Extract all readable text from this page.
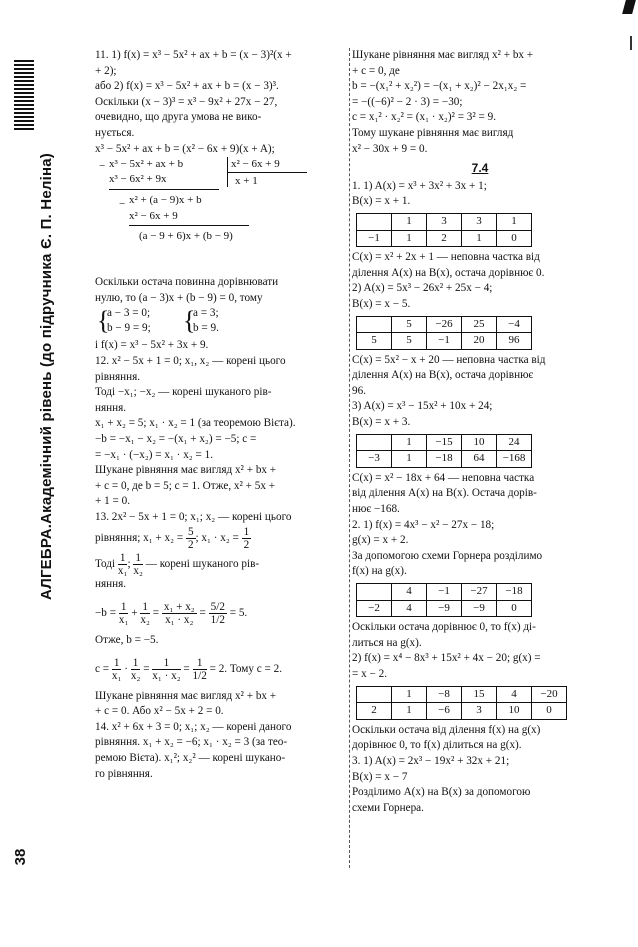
АЛГЕБРА.Академічний рівень (до підручника Є. П. Неліна)
38
11. 1) f(x) = x³ − 5x² + ax + b = (x − 3)²(x +
+ 2);
або 2) f(x) = x³ − 5x² + ax + b = (x − 3)³.
Оскільки (x − 3)³ = x³ − 9x² + 27x − 27,
очевидно, що друга умова не вико-
нується.
x³ − 5x² + ax + b = (x² − 6x + 9)(x + A);
− x³ − 5x² + ax + b
x³ − 6x² + 9x
− x² + (a − 9)x + b
x² − 6x + 9
(a − 9 + 6)x + (b − 9)
x² − 6x + 9
x + 1
Оскільки остача повинна дорівнювати
нулю, то (a − 3)x + (b − 9) = 0, тому
{
a − 3 = 0;
b − 9 = 9; {
a = 3;
b = 9.
і f(x) = x³ − 5x² + 3x + 9.
12. x² − 5x + 1 = 0; x₁, x₂ — корені цього
рівняння.
Тоді −x₁; −x₂ — корені шуканого рів-
няння.
x₁ + x₂ = 5; x₁ · x₂ = 1 (за теоремою Вієта).
−b = −x₁ − x₂ = −(x₁ + x₂) = −5; c =
= −x₁ · (−x₂) = x₁ · x₂ = 1.
Шукане рівняння має вигляд x² + bx +
+ c = 0, де b = 5; c = 1. Отже, x² + 5x +
+ 1 = 0.
13. 2x² − 5x + 1 = 0; x₁; x₂ — корені цього
рівняння; $x_1 + x_2 = \frac{5}{2}$ ; $x_1 \cdot x_2 = \frac{1}{2}$
Тоді $\frac{1}{\text{x₁}}$ ; $\frac{1}{\text{x₂}}$ — корені шуканого рів-
няння.
$-b = \frac{1}{\text{x₁}} + \frac{1}{\text{x₂}} = \frac{\text{x₁ + x₂}}{\text{x₁ · x₂}} = \frac{5/2}{1/2} = 5$.
Отже, b = −5.
$c = \frac{1}{\text{x₁}} \cdot \frac{1}{\text{x₂}} = \frac{1}{\text{x₁ · x₂}} = \frac{1}{1/2} = 2$. Тому c = 2.
Шукане рівняння має вигляд x² + bx +
+ c = 0. Або x² − 5x + 2 = 0.
14. x² + 6x + 3 = 0; x₁; x₂ — корені даного
рівняння. x₁ + x₂ = −6; x₁ · x₂ = 3 (за тео-
ремою Вієта). x₁²; x₂² — корені шукано-
го рівняння.
Шукане рівняння має вигляд x² + bx +
+ c = 0, де
b = −(x₁² + x₂²) = −(x₁ + x₂)² − 2x₁x₂ =
= −((−6)² − 2 · 3) = −30;
c = x₁² · x₂² = (x₁ · x₂)² = 3² = 9.
Тому шукане рівняння має вигляд
x² − 30x + 9 = 0.
7.4
1. 1) A(x) = x³ + 3x² + 3x + 1;
B(x) = x + 1.
	1	3	3	1
−1	1	2	1	0
C(x) = x² + 2x + 1 — неповна частка від
ділення A(x) на B(x), остача дорівнює 0.
2) A(x) = 5x³ − 26x² + 25x − 4;
B(x) = x − 5.
	5	−26	25	−4
5	5	−1	20	96
C(x) = 5x² − x + 20 — неповна частка від
ділення A(x) на B(x), остача дорівнює
96.
3) A(x) = x³ − 15x² + 10x + 24;
B(x) = x + 3.
	1	−15	10	24
−3	1	−18	64	−168
C(x) = x² − 18x + 64 — неповна частка
від ділення A(x) на B(x). Остача дорів-
нює −168.
2. 1) f(x) = 4x³ − x² − 27x − 18;
g(x) = x + 2.
За допомогою схеми Горнера розділимо
f(x) на g(x).
	4	−1	−27	−18
−2	4	−9	−9	0
Оскільки остача дорівнює 0, то f(x) ді-
литься на g(x).
2) f(x) = x⁴ − 8x³ + 15x² + 4x − 20; g(x) =
= x − 2.
	1	−8	15	4	−20
2	1	−6	3	10	0
Оскільки остача від ділення f(x) на g(x)
дорівнює 0, то f(x) ділиться на g(x).
3. 1) A(x) = 2x³ − 19x² + 32x + 21;
B(x) = x − 7
Розділимо A(x) на B(x) за допомогою
схеми Горнера.
